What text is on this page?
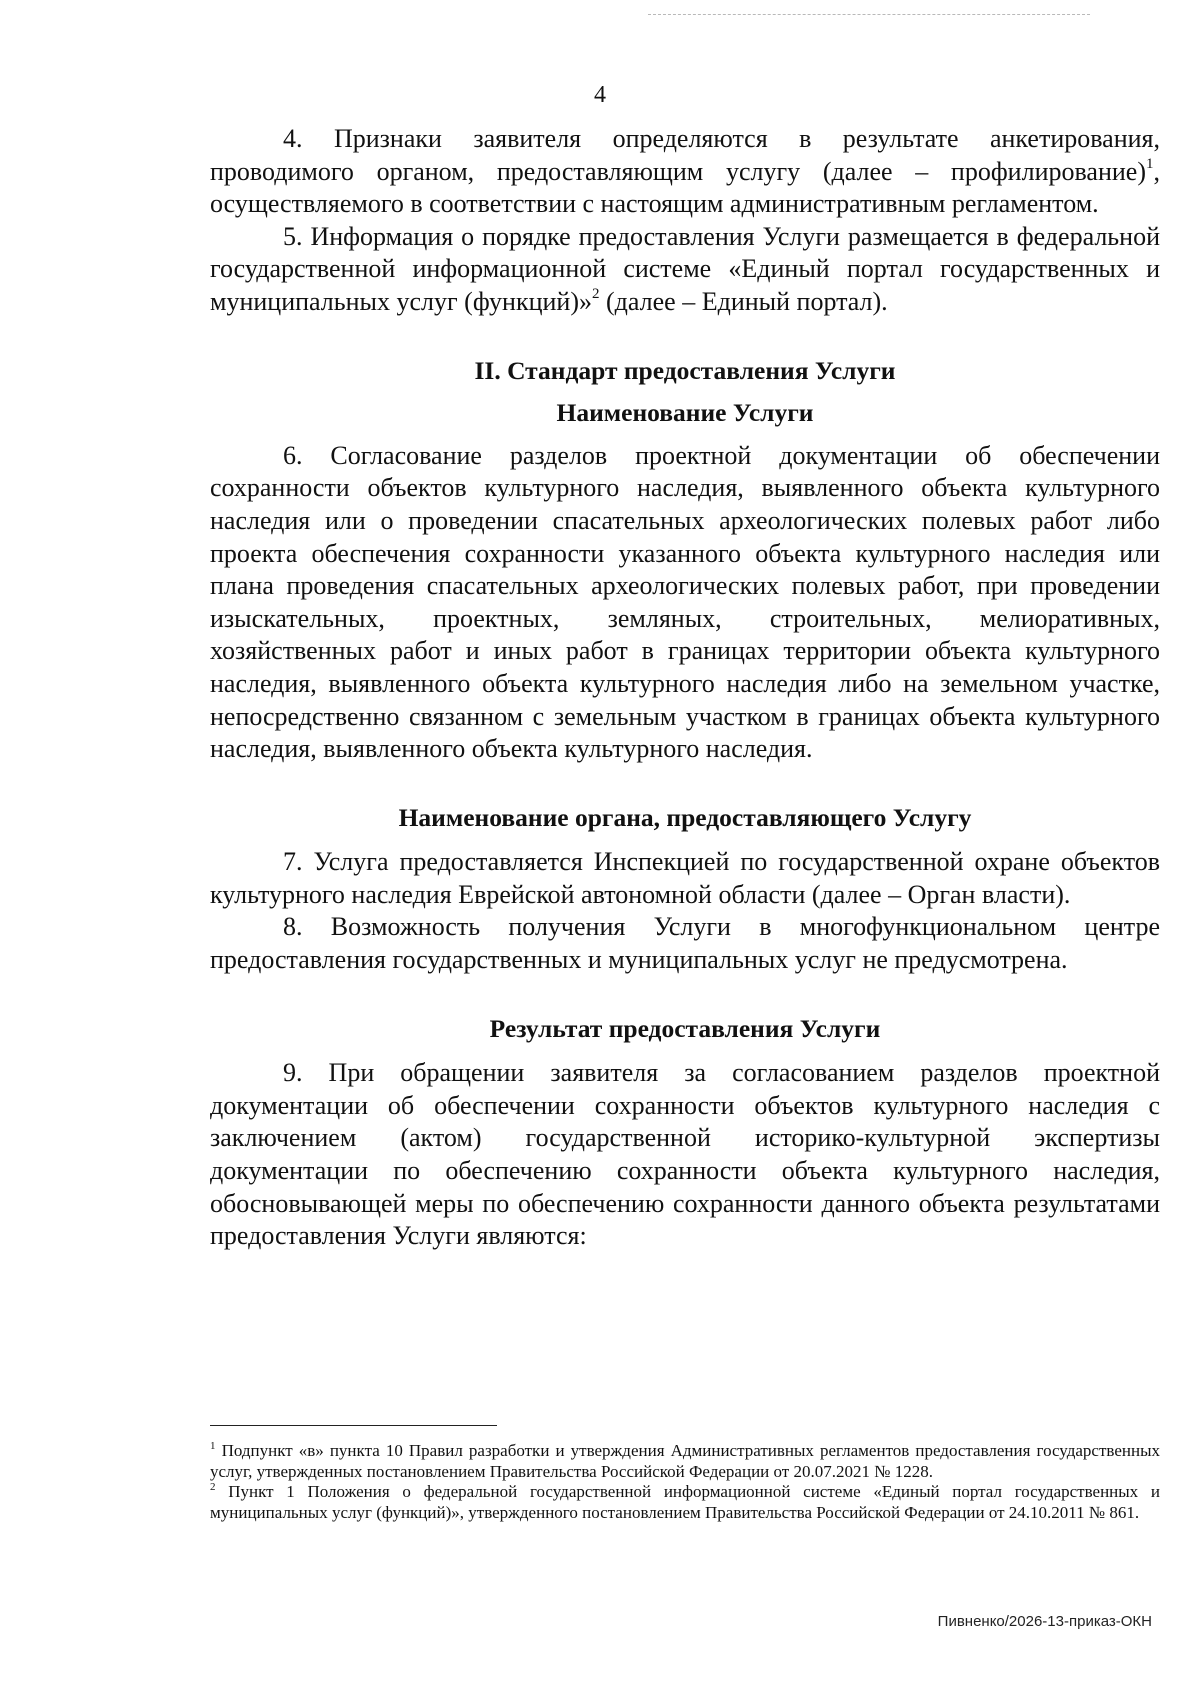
4

4. Признаки заявителя определяются в результате анкетирования, проводимого органом, предоставляющим услугу (далее – профилирование)$^1$, осуществляемого в соответствии с настоящим административным регламентом.

5. Информация о порядке предоставления Услуги размещается в федеральной государственной информационной системе «Единый портал государственных и муниципальных услуг (функций)»$^2$ (далее – Единый портал).

II. Стандарт предоставления Услуги

Наименование Услуги

6. Согласование разделов проектной документации об обеспечении сохранности объектов культурного наследия, выявленного объекта культурного наследия или о проведении спасательных археологических полевых работ либо проекта обеспечения сохранности указанного объекта культурного наследия или плана проведения спасательных археологических полевых работ, при проведении изыскательных, проектных, земляных, строительных, мелиоративных, хозяйственных работ и иных работ в границах территории объекта культурного наследия, выявленного объекта культурного наследия либо на земельном участке, непосредственно связанном с земельным участком в границах объекта культурного наследия, выявленного объекта культурного наследия.

Наименование органа, предоставляющего Услугу

7. Услуга предоставляется Инспекцией по государственной охране объектов культурного наследия Еврейской автономной области (далее – Орган власти).

8. Возможность получения Услуги в многофункциональном центре предоставления государственных и муниципальных услуг не предусмотрена.

Результат предоставления Услуги

9. При обращении заявителя за согласованием разделов проектной документации об обеспечении сохранности объектов культурного наследия с заключением (актом) государственной историко-культурной экспертизы документации по обеспечению сохранности объекта культурного наследия, обосновывающей меры по обеспечению сохранности данного объекта результатами предоставления Услуги являются:

$^1$ Подпункт «в» пункта 10 Правил разработки и утверждения Административных регламентов предоставления государственных услуг, утвержденных постановлением Правительства Российской Федерации от 20.07.2021 № 1228.

$^2$ Пункт 1 Положения о федеральной государственной информационной системе «Единый портал государственных и муниципальных услуг (функций)», утвержденного постановлением Правительства Российской Федерации от 24.10.2011 № 861.

Пивненко/2026-13-приказ-ОКН
